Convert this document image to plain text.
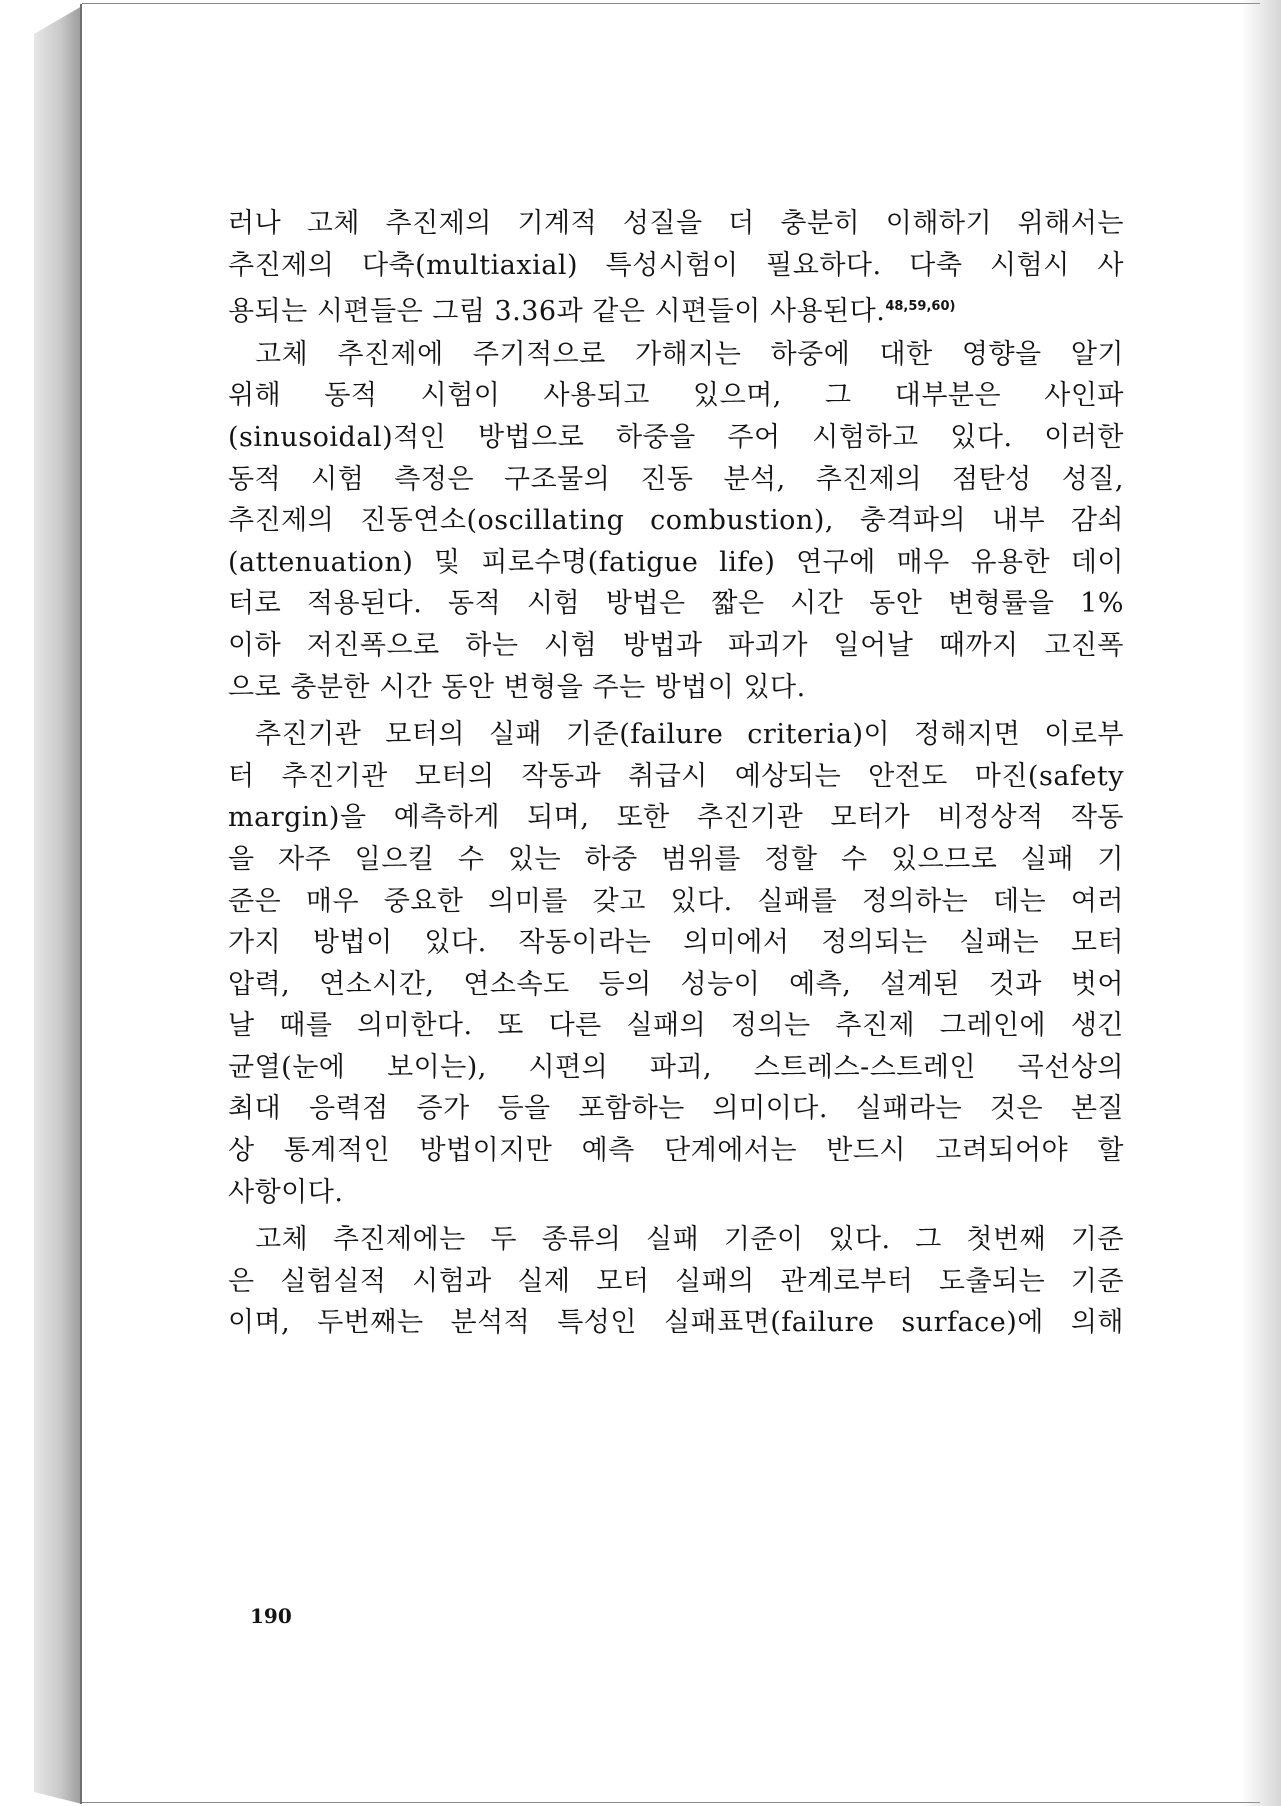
러나 고체 추진제의 기계적 성질을 더 충분히 이해하기 위해서는
추진제의 다축(multiaxial) 특성시험이 필요하다. 다축 시험시 사
용되는 시편들은 그림 3.36과 같은 시편들이 사용된다.$^{48,59,60)}$
고체 추진제에 주기적으로 가해지는 하중에 대한 영향을 알기
위해 동적 시험이 사용되고 있으며, 그 대부분은 사인파
(sinusoidal)적인 방법으로 하중을 주어 시험하고 있다. 이러한
동적 시험 측정은 구조물의 진동 분석, 추진제의 점탄성 성질,
추진제의 진동연소(oscillating combustion), 충격파의 내부 감쇠
(attenuation) 및 피로수명(fatigue life) 연구에 매우 유용한 데이
터로 적용된다. 동적 시험 방법은 짧은 시간 동안 변형률을 1%
이하 저진폭으로 하는 시험 방법과 파괴가 일어날 때까지 고진폭
으로 충분한 시간 동안 변형을 주는 방법이 있다.
추진기관 모터의 실패 기준(failure criteria)이 정해지면 이로부
터 추진기관 모터의 작동과 취급시 예상되는 안전도 마진(safety
margin)을 예측하게 되며, 또한 추진기관 모터가 비정상적 작동
을 자주 일으킬 수 있는 하중 범위를 정할 수 있으므로 실패 기
준은 매우 중요한 의미를 갖고 있다. 실패를 정의하는 데는 여러
가지 방법이 있다. 작동이라는 의미에서 정의되는 실패는 모터
압력, 연소시간, 연소속도 등의 성능이 예측, 설계된 것과 벗어
날 때를 의미한다. 또 다른 실패의 정의는 추진제 그레인에 생긴
균열(눈에 보이는), 시편의 파괴, 스트레스-스트레인 곡선상의
최대 응력점 증가 등을 포함하는 의미이다. 실패라는 것은 본질
상 통계적인 방법이지만 예측 단계에서는 반드시 고려되어야 할
사항이다.
고체 추진제에는 두 종류의 실패 기준이 있다. 그 첫번째 기준
은 실험실적 시험과 실제 모터 실패의 관계로부터 도출되는 기준
이며, 두번째는 분석적 특성인 실패표면(failure surface)에 의해
190
